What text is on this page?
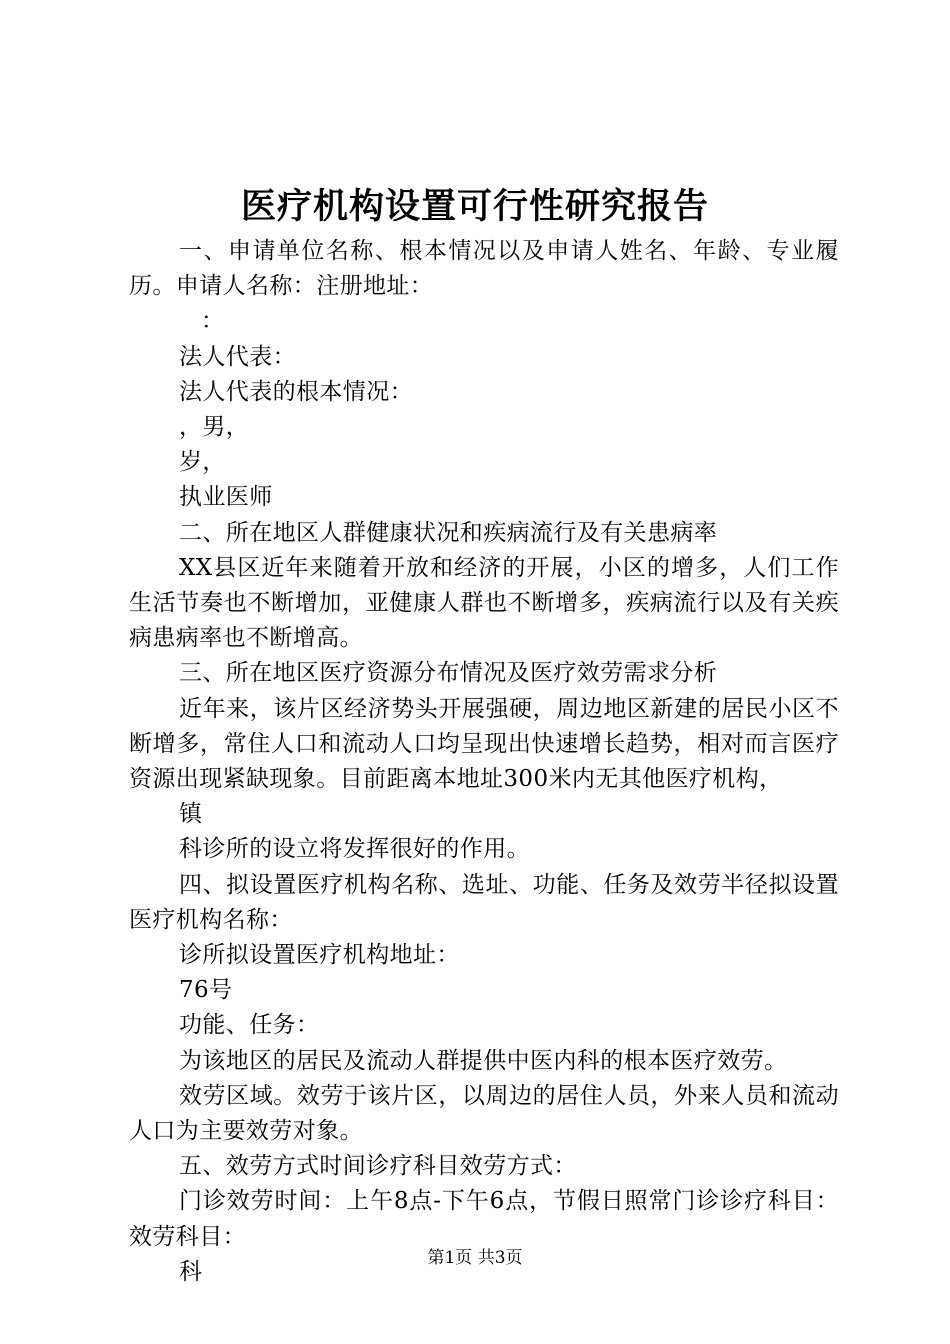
医疗机构设置可行性研究报告

一、申请单位名称、根本情况以及申请人姓名、年龄、专业履历。申请人名称：注册地址：

：

法人代表：

法人代表的根本情况：

，男，

岁，

执业医师

二、所在地区人群健康状况和疾病流行及有关患病率

XX县区近年来随着开放和经济的开展，小区的增多，人们工作生活节奏也不断增加，亚健康人群也不断增多，疾病流行以及有关疾病患病率也不断增高。

三、所在地区医疗资源分布情况及医疗效劳需求分析

近年来，该片区经济势头开展强硬，周边地区新建的居民小区不断增多，常住人口和流动人口均呈现出快速增长趋势，相对而言医疗资源出现紧缺现象。目前距离本地址300米内无其他医疗机构，

镇

科诊所的设立将发挥很好的作用。

四、拟设置医疗机构名称、选址、功能、任务及效劳半径拟设置医疗机构名称：

诊所拟设置医疗机构地址：

76号

功能、任务：

为该地区的居民及流动人群提供中医内科的根本医疗效劳。

效劳区域。效劳于该片区，以周边的居住人员，外来人员和流动人口为主要效劳对象。

五、效劳方式时间诊疗科目效劳方式：

门诊效劳时间：上午8点-下午6点，节假日照常门诊诊疗科目：效劳科目：

科

第1页 共3页
